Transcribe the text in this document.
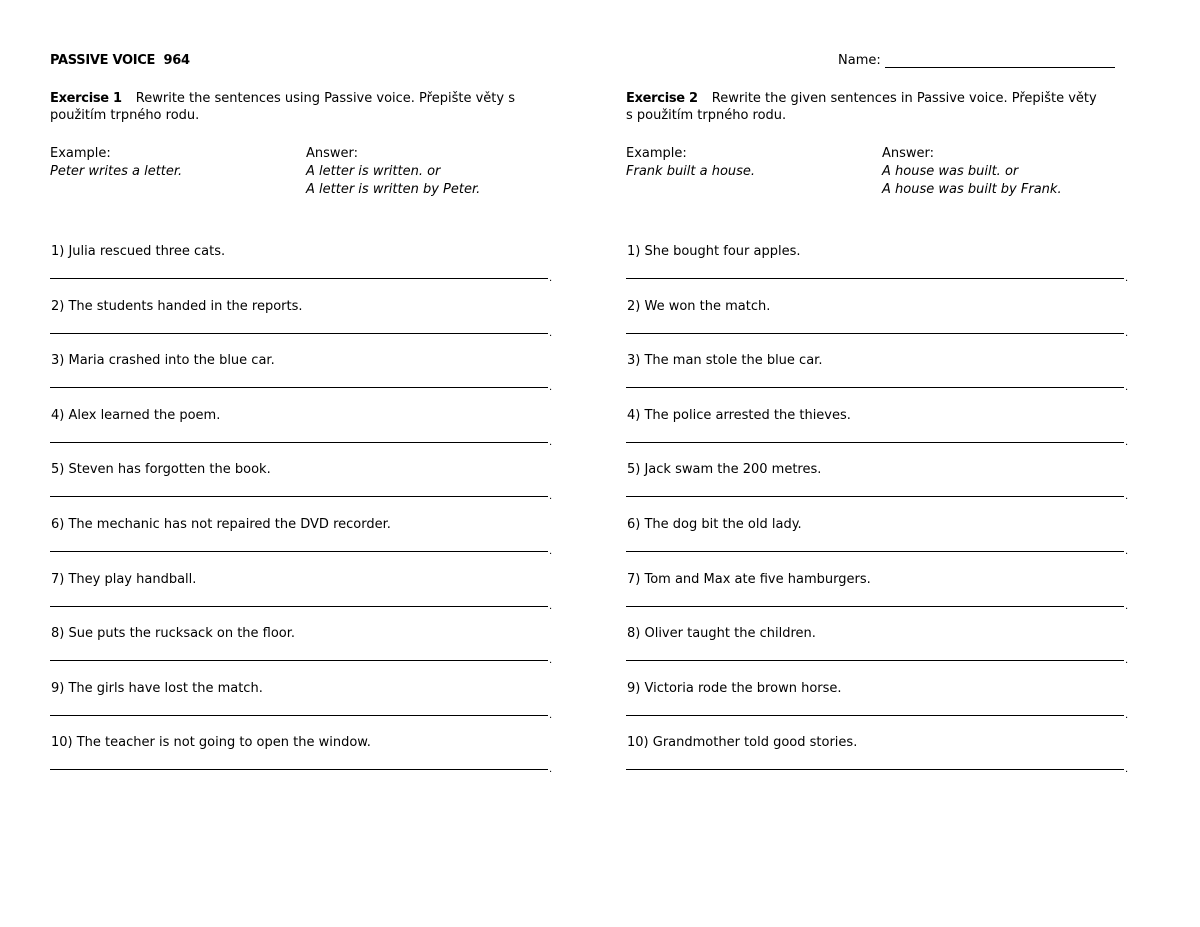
PASSIVE VOICE  964	Name:
Exercise 1 Rewrite the sentences using Passive voice. Přepište věty s použitím trpného rodu.
Example:
Peter writes a letter.
Answer:
A letter is written. or
A letter is written by Peter.
1) Julia rescued three cats.
.
2) The students handed in the reports.
.
3) Maria crashed into the blue car.
.
4) Alex learned the poem.
.
5) Steven has forgotten the book.
.
6) The mechanic has not repaired the DVD recorder.
.
7) They play handball.
.
8) Sue puts the rucksack on the floor.
.
9) The girls have lost the match.
.
10) The teacher is not going to open the window.
.
Exercise 2 Rewrite the given sentences in Passive voice. Přepište věty s použitím trpného rodu.
Example:
Frank built a house.
Answer:
A house was built. or
A house was built by Frank.
1) She bought four apples.
.
2) We won the match.
.
3) The man stole the blue car.
.
4) The police arrested the thieves.
.
5) Jack swam the 200 metres.
.
6) The dog bit the old lady.
.
7) Tom and Max ate five hamburgers.
.
8) Oliver taught the children.
.
9) Victoria rode the brown horse.
.
10) Grandmother told good stories.
.
